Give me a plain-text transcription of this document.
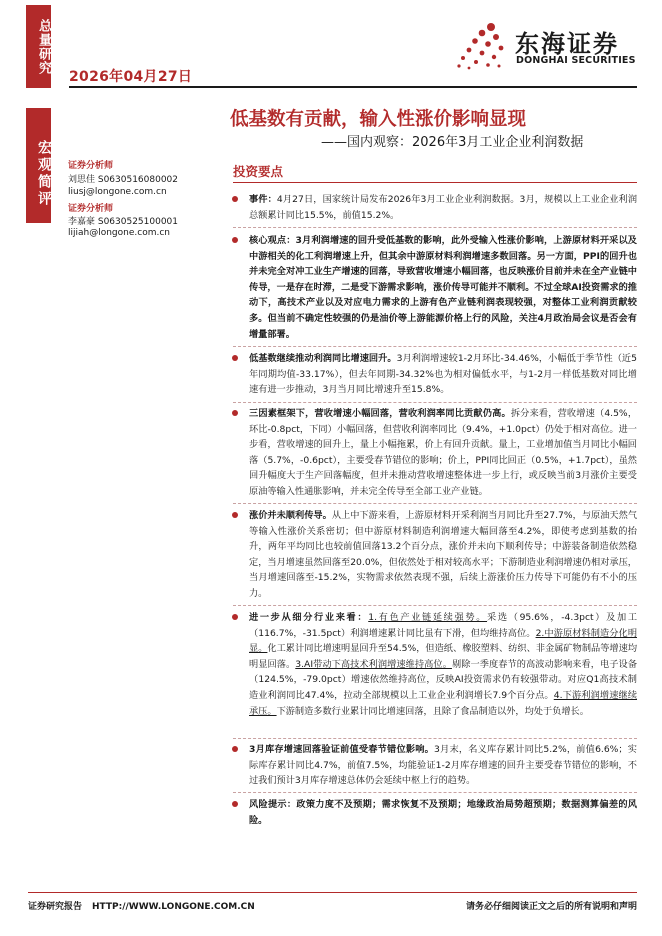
总量研究
宏观简评
2026年04月27日
东海证券
DONGHAI SECURITIES
低基数有贡献，输入性涨价影响显现
——国内观察：2026年3月工业企业利润数据
证券分析师
刘思佳 S0630516080002
liusj@longone.com.cn
证券分析师
李嘉豪 S0630525100001
lijiah@longone.com.cn
投资要点
事件：4月27日，国家统计局发布2026年3月工业企业利润数据。3月，规模以上工业企业利润总额累计同比15.5%，前值15.2%。
核心观点：3月利润增速的回升受低基数的影响，此外受输入性涨价影响，上游原材料开采以及中游相关的化工利润增速上升，但其余中游原材料利润增速多数回落。另一方面，PPI的回升也并未完全对冲工业生产增速的回落，导致营收增速小幅回落，也反映涨价目前并未在全产业链中传导，一是存在时滞，二是受下游需求影响，涨价传导可能并不顺利。不过全球AI投资需求的推动下，高技术产业以及对应电力需求的上游有色产业链利润表现较强，对整体工业利润贡献较多。但当前不确定性较强的仍是油价等上游能源价格上行的风险，关注4月政治局会议是否会有增量部署。
低基数继续推动利润同比增速回升。3月利润增速较1-2月环比-34.46%，小幅低于季节性（近5年同期均值-33.17%），但去年同期-34.32%也为相对偏低水平，与1-2月一样低基数对同比增速有进一步推动，3月当月同比增速升至15.8%。
三因素框架下，营收增速小幅回落，营收利润率同比贡献仍高。拆分来看，营收增速（4.5%，环比-0.8pct，下同）小幅回落，但营收利润率同比（9.4%，+1.0pct）仍处于相对高位。进一步看，营收增速的回升上，量上小幅拖累，价上有回升贡献。量上，工业增加值当月同比小幅回落（5.7%，-0.6pct），主要受春节错位的影响；价上，PPI同比回正（0.5%，+1.7pct），虽然回升幅度大于生产回落幅度，但并未推动营收增速整体进一步上行，或反映当前3月涨价主要受原油等输入性通胀影响，并未完全传导至全部工业产业链。
涨价并未顺利传导。从上中下游来看，上游原材料开采利润当月同比升至27.7%，与原油天然气等输入性涨价关系密切；但中游原材料制造利润增速大幅回落至4.2%，即使考虑到基数的抬升，两年平均同比也较前值回落13.2个百分点，涨价并未向下顺利传导；中游装备制造依然稳定，当月增速虽然回落至20.0%，但依然处于相对较高水平；下游制造业利润增速仍相对承压，当月增速回落至-15.2%，实物需求依然表现不强，后续上游涨价压力传导下可能仍有不小的压力。
进一步从细分行业来看：1.有色产业链延续强势。采选（95.6%，-4.3pct）及加工（116.7%，-31.5pct）利润增速累计同比虽有下滑，但均维持高位。2.中游原材料制造分化明显。化工累计同比增速明显回升至54.5%，但造纸、橡胶塑料、纺织、非金属矿物制品等增速均明显回落。3.AI带动下高技术利润增速维持高位。剔除一季度春节的高波动影响来看，电子设备（124.5%，-79.0pct）增速依然维持高位，反映AI投资需求仍有较强带动。对应Q1高技术制造业利润同比47.4%，拉动全部规模以上工业企业利润增长7.9个百分点。4.下游利润增速继续承压。下游制造多数行业累计同比增速回落，且除了食品制造以外，均处于负增长。
3月库存增速回落验证前值受春节错位影响。3月末，名义库存累计同比5.2%，前值6.6%；实际库存累计同比4.7%，前值7.5%，均能验证1-2月库存增速的回升主要受春节错位的影响，不过我们预计3月库存增速总体仍会延续中枢上行的趋势。
风险提示：政策力度不及预期；需求恢复不及预期；地缘政治局势超预期；数据测算偏差的风险。
证券研究报告 HTTP://WWW.LONGONE.COM.CN	请务必仔细阅读正文之后的所有说明和声明
